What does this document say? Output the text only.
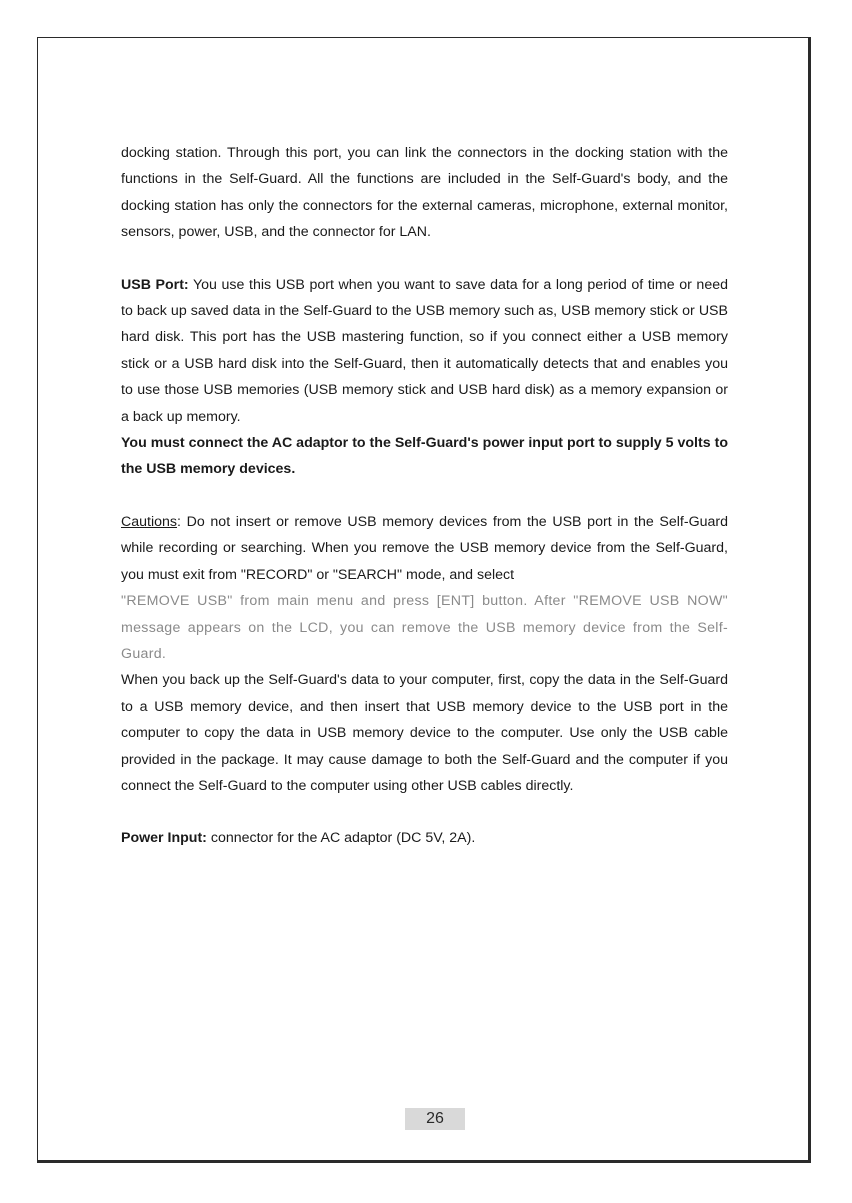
docking station. Through this port, you can link the connectors in the docking station with the functions in the Self-Guard. All the functions are included in the Self-Guard's body, and the docking station has only the connectors for the external cameras, microphone, external monitor, sensors, power, USB, and the connector for LAN.

USB Port: You use this USB port when you want to save data for a long period of time or need to back up saved data in the Self-Guard to the USB memory such as, USB memory stick or USB hard disk. This port has the USB mastering function, so if you connect either a USB memory stick or a USB hard disk into the Self-Guard, then it automatically detects that and enables you to use those USB memories (USB memory stick and USB hard disk) as a memory expansion or a back up memory.

You must connect the AC adaptor to the Self-Guard's power input port to supply 5 volts to the USB memory devices.

Cautions: Do not insert or remove USB memory devices from the USB port in the Self-Guard while recording or searching. When you remove the USB memory device from the Self-Guard, you must exit from "RECORD" or "SEARCH" mode, and select

"REMOVE USB" from main menu and press [ENT] button. After "REMOVE USB NOW" message appears on the LCD, you can remove the USB memory device from the Self-Guard.

When you back up the Self-Guard's data to your computer, first, copy the data in the Self-Guard to a USB memory device, and then insert that USB memory device to the USB port in the computer to copy the data in USB memory device to the computer. Use only the USB cable provided in the package. It may cause damage to both the Self-Guard and the computer if you connect the Self-Guard to the computer using other USB cables directly.

Power Input: connector for the AC adaptor (DC 5V, 2A).

26
